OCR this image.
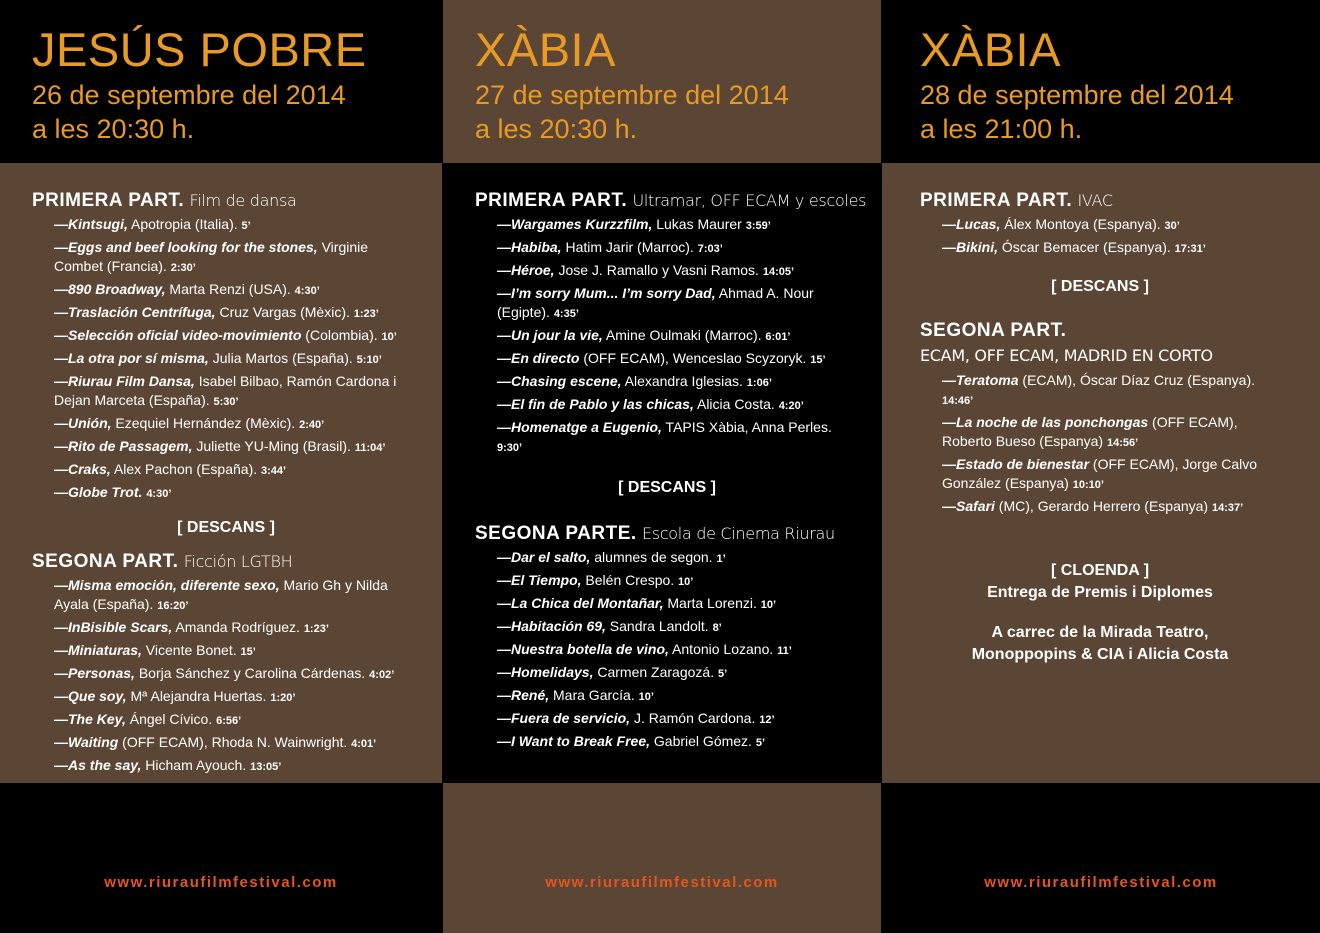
JESÚS POBRE
26 de septembre del 2014
a les 20:30 h.
PRIMERA PART. Film de dansa
—Kintsugi, Apotropia (Italia). 5’
—Eggs and beef looking for the stones, Virginie Combet (Francia). 2:30’
—890 Broadway, Marta Renzi (USA). 4:30’
—Traslación Centrífuga, Cruz Vargas (Mèxic). 1:23’
—Selección oficial video-movimiento (Colombia). 10’
—La otra por sí misma, Julia Martos (España). 5:10’
—Riurau Film Dansa, Isabel Bilbao, Ramón Cardona i Dejan Marceta (España). 5:30’
—Unión, Ezequiel Hernández (Mèxic). 2:40’
—Rito de Passagem, Juliette YU-Ming (Brasil). 11:04’
—Craks, Alex Pachon (España). 3:44’
—Globe Trot. 4:30’
[ DESCANS ]
SEGONA PART. Ficción LGTBH
—Misma emoción, diferente sexo, Mario Gh y Nilda Ayala (España). 16:20’
—InBisible Scars, Amanda Rodríguez. 1:23’
—Miniaturas, Vicente Bonet. 15’
—Personas, Borja Sánchez y Carolina Cárdenas. 4:02’
—Que soy, Mª Alejandra Huertas. 1:20’
—The Key, Ángel Cívico. 6:56’
—Waiting (OFF ECAM), Rhoda N. Wainwright. 4:01’
—As the say, Hicham Ayouch. 13:05’
www.riuraufilmfestival.com
XÀBIA
27 de septembre del 2014
a les 20:30 h.
PRIMERA PART. Ultramar, OFF ECAM y escoles
—Wargames Kurzzfilm, Lukas Maurer 3:59’
—Habiba, Hatim Jarir (Marroc). 7:03’
—Héroe, Jose J. Ramallo y Vasni Ramos. 14:05’
—I’m sorry Mum... I’m sorry Dad, Ahmad A. Nour (Egipte). 4:35’
—Un jour la vie, Amine Oulmaki (Marroc). 6:01’
—En directo (OFF ECAM), Wenceslao Scyzoryk. 15’
—Chasing escene, Alexandra Iglesias. 1:06’
—El fin de Pablo y las chicas, Alicia Costa. 4:20’
—Homenatge a Eugenio, TAPIS Xàbia, Anna Perles. 9:30’
[ DESCANS ]
SEGONA PARTE. Escola de Cinema Riurau
—Dar el salto, alumnes de segon. 1’
—El Tiempo, Belén Crespo. 10’
—La Chica del Montañar, Marta Lorenzi. 10’
—Habitación 69, Sandra Landolt. 8’
—Nuestra botella de vino, Antonio Lozano. 11’
—Homelidays, Carmen Zaragozá. 5’
—René, Mara García. 10’
—Fuera de servicio, J. Ramón Cardona. 12’
—I Want to Break Free, Gabriel Gómez. 5’
www.riuraufilmfestival.com
XÀBIA
28 de septembre del 2014
a les 21:00 h.
PRIMERA PART. IVAC
—Lucas, Álex Montoya (Espanya). 30’
—Bikini, Óscar Bemacer (Espanya). 17:31’
[ DESCANS ]
SEGONA PART.
ECAM, OFF ECAM, MADRID EN CORTO
—Teratoma (ECAM), Óscar Díaz Cruz (Espanya). 14:46’
—La noche de las ponchongas (OFF ECAM), Roberto Bueso (Espanya) 14:56’
—Estado de bienestar (OFF ECAM), Jorge Calvo González (Espanya) 10:10’
—Safari (MC), Gerardo Herrero (Espanya) 14:37’
[ CLOENDA ]
Entrega de Premis i Diplomes
A carrec de la Mirada Teatro,
Monoppopins & CIA i Alicia Costa
www.riuraufilmfestival.com
